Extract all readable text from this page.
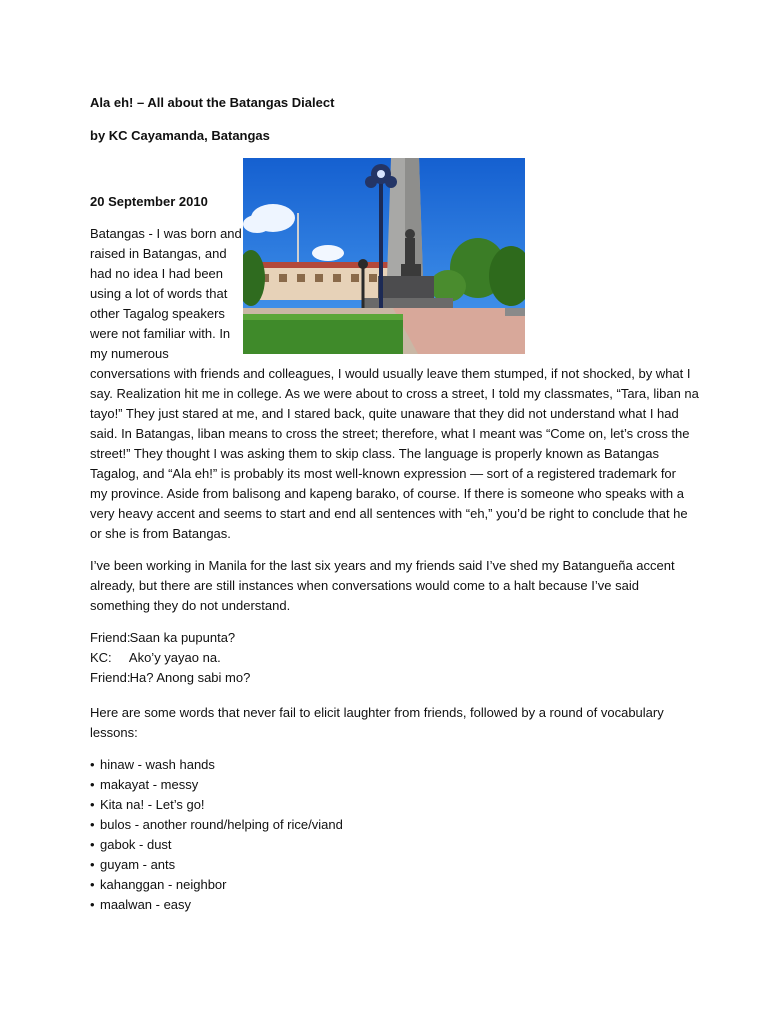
Ala eh! – All about the Batangas Dialect

by KC Cayamanda, Batangas

20 September 2010

Batangas - I was born and
raised in Batangas, and
had no idea I had been
using a lot of words that
other Tagalog speakers
were not familiar with. In
my numerous
conversations with friends and colleagues, I would usually leave them stumped, if not shocked, by what I
say. Realization hit me in college. As we were about to cross a street, I told my classmates, “Tara, liban na
tayo!” They just stared at me, and I stared back, quite unaware that they did not understand what I had
said. In Batangas, liban means to cross the street; therefore, what I meant was “Come on, let’s cross the
street!” They thought I was asking them to skip class. The language is properly known as Batangas
Tagalog, and “Ala eh!” is probably its most well-known expression — sort of a registered trademark for
my province. Aside from balisong and kapeng barako, of course. If there is someone who speaks with a
very heavy accent and seems to start and end all sentences with “eh,” you’d be right to conclude that he
or she is from Batangas.
I’ve been working in Manila for the last six years and my friends said I’ve shed my Batangueña accent
already, but there are still instances when conversations would come to a halt because I’ve said
something they do not understand.
Friend: Saan ka pupunta?
KC: Ako’y yayao na.
Friend: Ha? Anong sabi mo?
Here are some words that never fail to elicit laughter from friends, followed by a round of vocabulary
lessons:
• hinaw - wash hands
• makayat - messy
• Kita na! - Let’s go!
• bulos - another round/helping of rice/viand
• gabok - dust
• guyam - ants
• kahanggan - neighbor
• maalwan - easy
